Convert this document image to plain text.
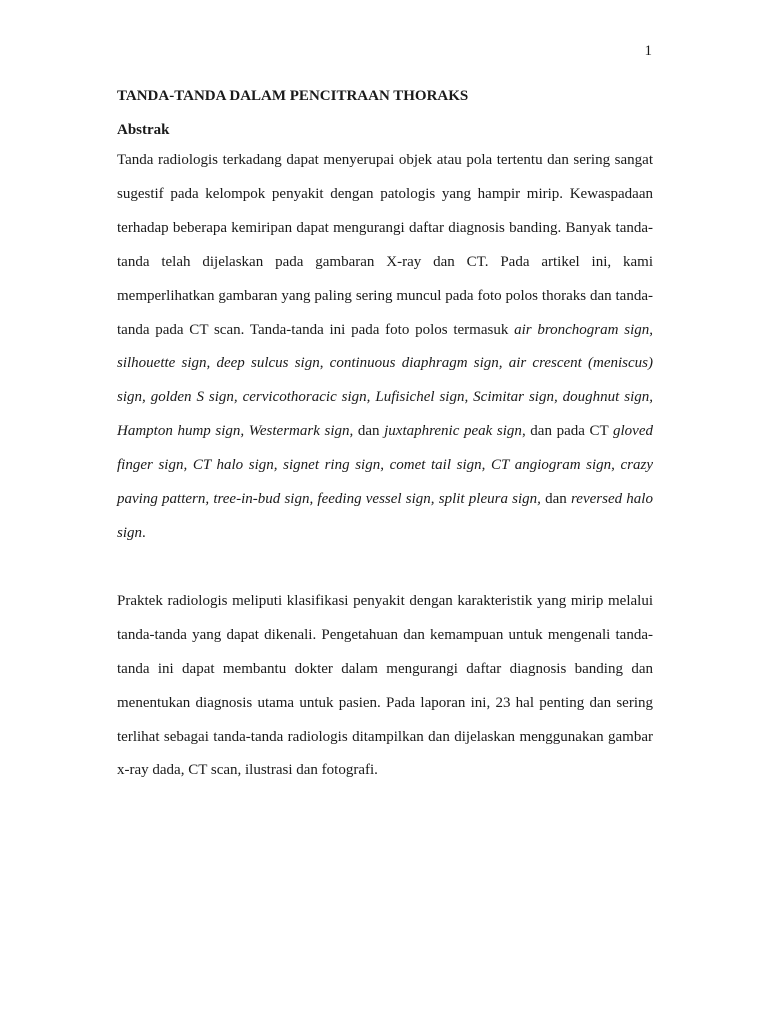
1
TANDA-TANDA DALAM PENCITRAAN THORAKS
Abstrak

Tanda radiologis terkadang dapat menyerupai objek atau pola tertentu dan sering sangat sugestif pada kelompok penyakit dengan patologis yang hampir mirip. Kewaspadaan terhadap beberapa kemiripan dapat mengurangi daftar diagnosis banding. Banyak tanda-tanda telah dijelaskan pada gambaran X-ray dan CT. Pada artikel ini, kami memperlihatkan gambaran yang paling sering muncul pada foto polos thoraks dan tanda-tanda pada CT scan. Tanda-tanda ini pada foto polos termasuk air bronchogram sign, silhouette sign, deep sulcus sign, continuous diaphragm sign, air crescent (meniscus) sign, golden S sign, cervicothoracic sign, Lufisichel sign, Scimitar sign, doughnut sign, Hampton hump sign, Westermark sign, dan juxtaphrenic peak sign, dan pada CT gloved finger sign, CT halo sign, signet ring sign, comet tail sign, CT angiogram sign, crazy paving pattern, tree-in-bud sign, feeding vessel sign, split pleura sign, dan reversed halo sign.

Praktek radiologis meliputi klasifikasi penyakit dengan karakteristik yang mirip melalui tanda-tanda yang dapat dikenali. Pengetahuan dan kemampuan untuk mengenali tanda-tanda ini dapat membantu dokter dalam mengurangi daftar diagnosis banding dan menentukan diagnosis utama untuk pasien. Pada laporan ini, 23 hal penting dan sering terlihat sebagai tanda-tanda radiologis ditampilkan dan dijelaskan menggunakan gambar x-ray dada, CT scan, ilustrasi dan fotografi.
